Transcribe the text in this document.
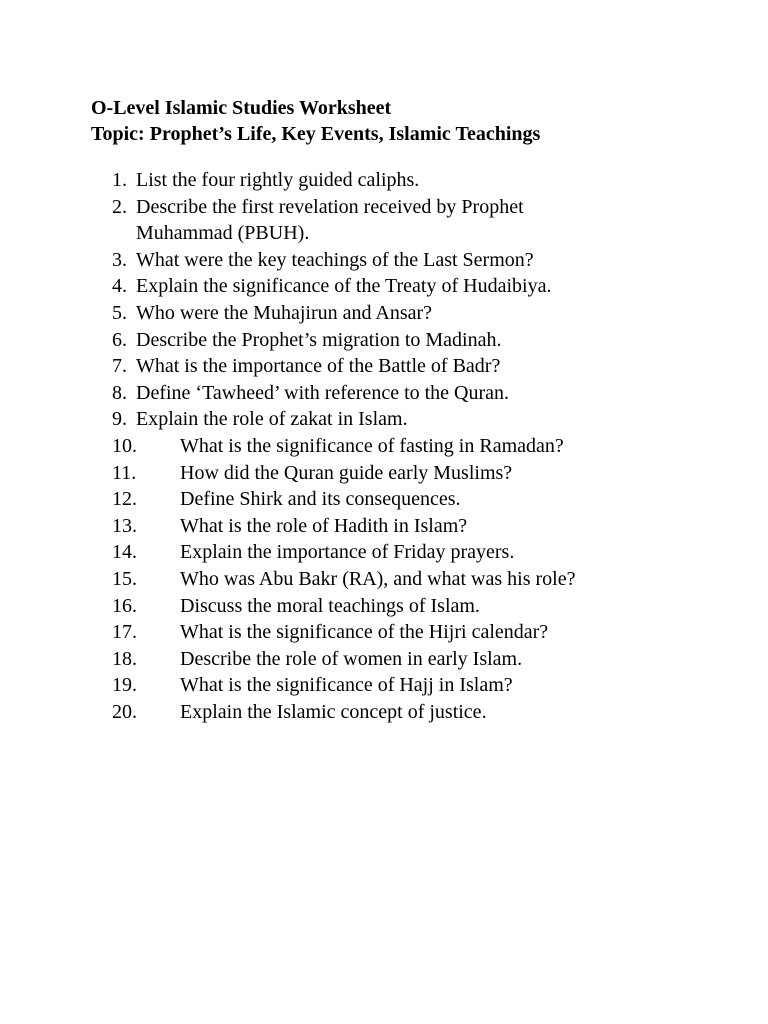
O-Level Islamic Studies Worksheet
Topic: Prophet’s Life, Key Events, Islamic Teachings
1. List the four rightly guided caliphs.
2. Describe the first revelation received by Prophet Muhammad (PBUH).
3. What were the key teachings of the Last Sermon?
4. Explain the significance of the Treaty of Hudaibiya.
5. Who were the Muhajirun and Ansar?
6. Describe the Prophet’s migration to Madinah.
7. What is the importance of the Battle of Badr?
8. Define ‘Tawheed’ with reference to the Quran.
9. Explain the role of zakat in Islam.
10. What is the significance of fasting in Ramadan?
11. How did the Quran guide early Muslims?
12. Define Shirk and its consequences.
13. What is the role of Hadith in Islam?
14. Explain the importance of Friday prayers.
15. Who was Abu Bakr (RA), and what was his role?
16. Discuss the moral teachings of Islam.
17. What is the significance of the Hijri calendar?
18. Describe the role of women in early Islam.
19. What is the significance of Hajj in Islam?
20. Explain the Islamic concept of justice.
